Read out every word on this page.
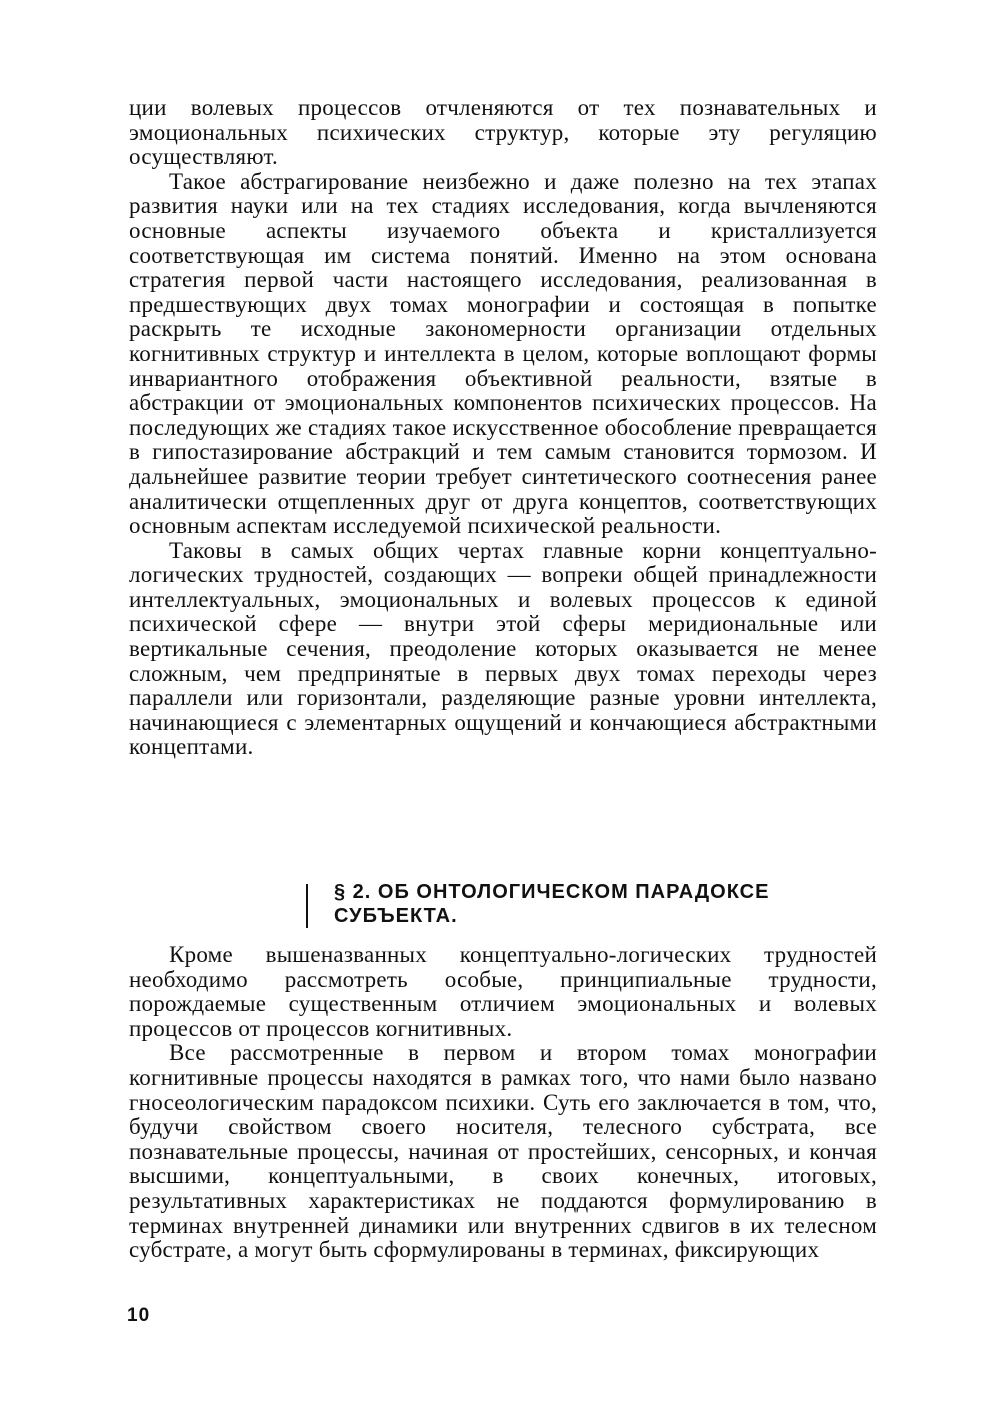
ции волевых процессов отчленяются от тех познавательных и эмоциональных психических структур, которые эту регуляцию осуществляют.

Такое абстрагирование неизбежно и даже полезно на тех этапах развития науки или на тех стадиях исследования, когда вычленяются основные аспекты изучаемого объекта и кристаллизуется соответствующая им система понятий. Именно на этом основана стратегия первой части настоящего исследования, реализованная в предшествующих двух томах монографии и состоящая в попытке раскрыть те исходные закономерности организации отдельных когнитивных структур и интеллекта в целом, которые воплощают формы инвариантного отображения объективной реальности, взятые в абстракции от эмоциональных компонентов психических процессов. На последующих же стадиях такое искусственное обособление превращается в гипостазирование абстракций и тем самым становится тормозом. И дальнейшее развитие теории требует синтетического соотнесения ранее аналитически отщепленных друг от друга концептов, соответствующих основным аспектам исследуемой психической реальности.

Таковы в самых общих чертах главные корни концептуально-логических трудностей, создающих — вопреки общей принадлежности интеллектуальных, эмоциональных и волевых процессов к единой психической сфере — внутри этой сферы меридиональные или вертикальные сечения, преодоление которых оказывается не менее сложным, чем предпринятые в первых двух томах переходы через параллели или горизонтали, разделяющие разные уровни интеллекта, начинающиеся с элементарных ощущений и кончающиеся абстрактными концептами.

§ 2. ОБ ОНТОЛОГИЧЕСКОМ ПАРАДОКСЕ
СУБЪЕКТА.

Кроме вышеназванных концептуально-логических трудностей необходимо рассмотреть особые, принципиальные трудности, порождаемые существенным отличием эмоциональных и волевых процессов от процессов когнитивных.

Все рассмотренные в первом и втором томах монографии когнитивные процессы находятся в рамках того, что нами было названо гносеологическим парадоксом психики. Суть его заключается в том, что, будучи свойством своего носителя, телесного субстрата, все познавательные процессы, начиная от простейших, сенсорных, и кончая высшими, концептуальными, в своих конечных, итоговых, результативных характеристиках не поддаются формулированию в терминах внутренней динамики или внутренних сдвигов в их телесном субстрате, а могут быть сформулированы в терминах, фиксирующих

10
